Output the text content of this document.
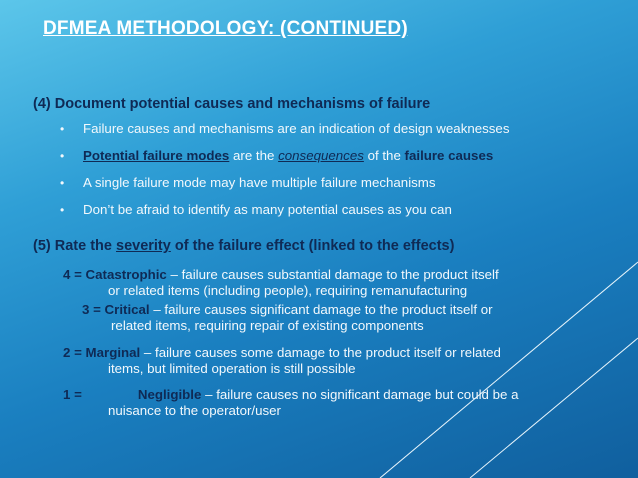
DFMEA METHODOLOGY: (CONTINUED)
(4) Document potential causes and mechanisms of failure
• Failure causes and mechanisms are an indication of design weaknesses
• Potential failure modes are the consequences of the failure causes
• A single failure mode may have multiple failure mechanisms
• Don’t be afraid to identify as many potential causes as you can
(5) Rate the severity of the failure effect (linked to the effects)
4 = Catastrophic – failure causes substantial damage to the product itself
or related items (including people), requiring remanufacturing
3 = Critical – failure causes significant damage to the product itself or
related items, requiring repair of existing components
2 = Marginal – failure causes some damage to the product itself or related
items, but limited operation is still possible
1 =	Negligible – failure causes no significant damage but could be a
nuisance to the operator/user
